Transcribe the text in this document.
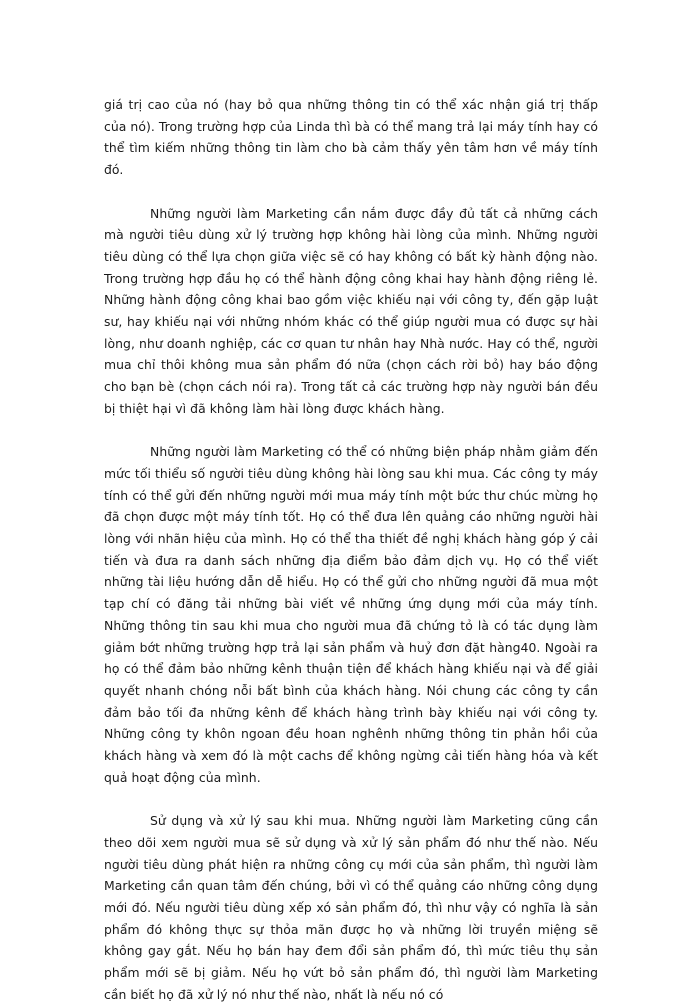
giá trị cao của nó (hay bỏ qua những thông tin có thể xác nhận giá trị thấp của nó). Trong trường hợp của Linda thì bà có thể mang trả lại máy tính hay có thể tìm kiếm những thông tin làm cho bà cảm thấy yên tâm hơn về máy tính đó.

Những người làm Marketing cần nắm được đầy đủ tất cả những cách mà người tiêu dùng xử lý trường hợp không hài lòng của mình. Những người tiêu dùng có thể lựa chọn giữa việc sẽ có hay không có bất kỳ hành động nào. Trong trường hợp đầu họ có thể hành động công khai hay hành động riêng lẻ. Những hành động công khai bao gồm việc khiếu nại với công ty, đến gặp luật sư, hay khiếu nại với những nhóm khác có thể giúp người mua có được sự hài lòng, như doanh nghiệp, các cơ quan tư nhân hay Nhà nước. Hay có thể, người mua chỉ thôi không mua sản phẩm đó nữa (chọn cách rời bỏ) hay báo động cho bạn bè (chọn cách nói ra). Trong tất cả các trường hợp này người bán đều bị thiệt hại vì đã không làm hài lòng được khách hàng.

Những người làm Marketing có thể có những biện pháp nhằm giảm đến mức tối thiểu số người tiêu dùng không hài lòng sau khi mua. Các công ty máy tính có thể gửi đến những người mới mua máy tính một bức thư chúc mừng họ đã chọn được một máy tính tốt. Họ có thể đưa lên quảng cáo những người hài lòng với nhãn hiệu của mình. Họ có thể tha thiết đề nghị khách hàng góp ý cải tiến và đưa ra danh sách những địa điểm bảo đảm dịch vụ. Họ có thể viết những tài liệu hướng dẫn dễ hiểu. Họ có thể gửi cho những người đã mua một tạp chí có đăng tải những bài viết về những ứng dụng mới của máy tính. Những thông tin sau khi mua cho người mua đã chứng tỏ là có tác dụng làm giảm bớt những trường hợp trả lại sản phẩm và huỷ đơn đặt hàng40. Ngoài ra họ có thể đảm bảo những kênh thuận tiện để khách hàng khiếu nại và để giải quyết nhanh chóng nỗi bất bình của khách hàng. Nói chung các công ty cần đảm bảo tối đa những kênh để khách hàng trình bày khiếu nại với công ty. Những công ty khôn ngoan đều hoan nghênh những thông tin phản hồi của khách hàng và xem đó là một cachs để không ngừng cải tiến hàng hóa và kết quả hoạt động của mình.

Sử dụng và xử lý sau khi mua. Những người làm Marketing cũng cần theo dõi xem người mua sẽ sử dụng và xử lý sản phẩm đó như thế nào. Nếu người tiêu dùng phát hiện ra những công cụ mới của sản phẩm, thì người làm Marketing cần quan tâm đến chúng, bởi vì có thể quảng cáo những công dụng mới đó. Nếu người tiêu dùng xếp xó sản phẩm đó, thì như vậy có nghĩa là sản phẩm đó không thực sự thỏa mãn được họ và những lời truyền miệng sẽ không gay gắt. Nếu họ bán hay đem đổi sản phẩm đó, thì mức tiêu thụ sản phẩm mới sẽ bị giảm. Nếu họ vứt bỏ sản phẩm đó, thì người làm Marketing cần biết họ đã xử lý nó như thế nào, nhất là nếu nó có
